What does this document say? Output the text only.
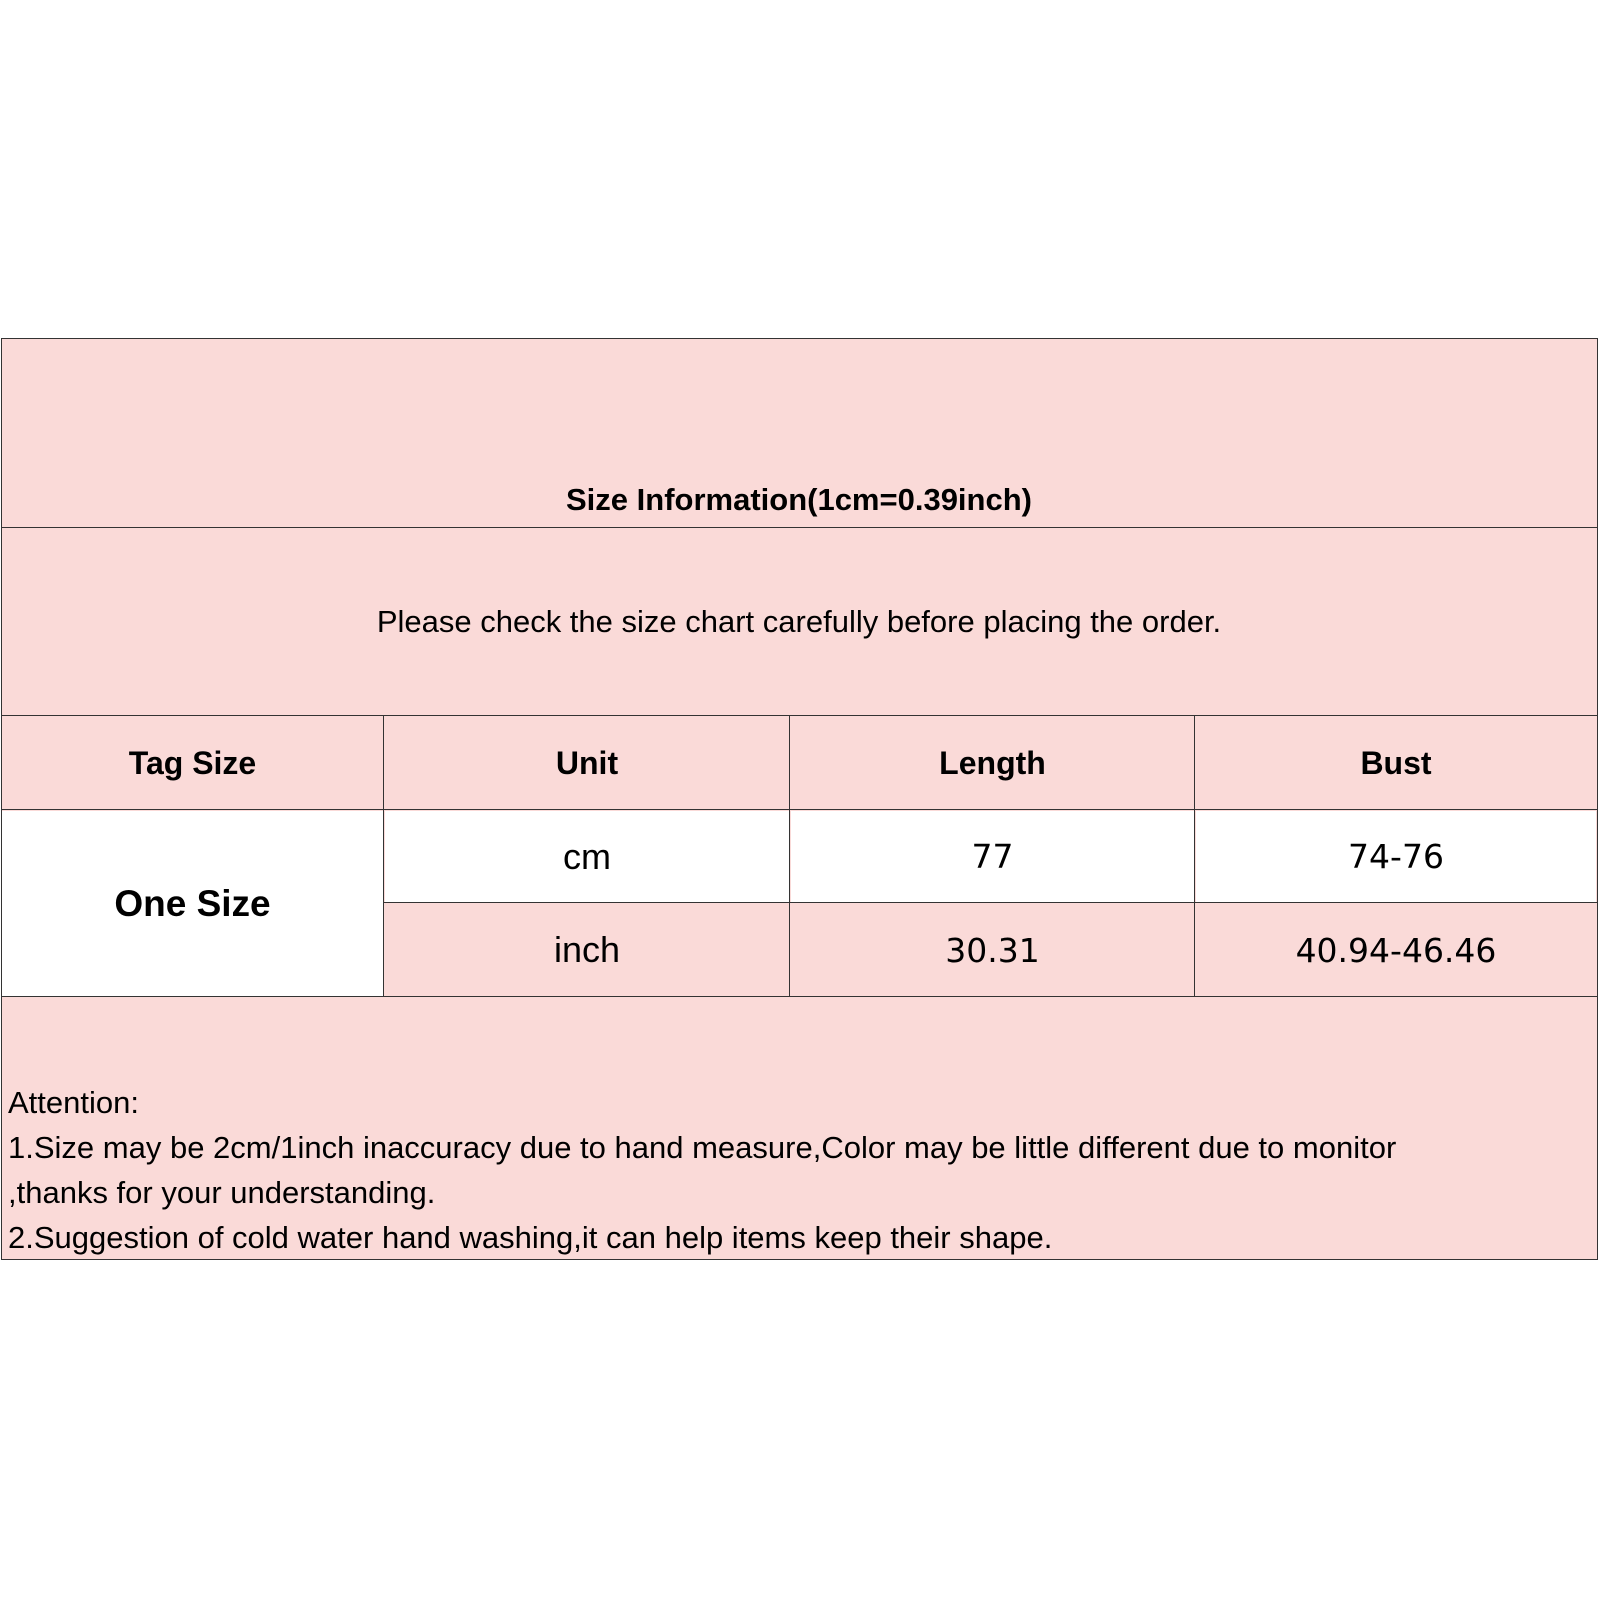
Size Information(1cm=0.39inch)
Please check the size chart carefully before placing the order.
Tag Size	Unit	Length	Bust
One Size
cm	77	74-76
inch	30.31	40.94-46.46
Attention:
1.Size may be 2cm/1inch inaccuracy due to hand measure,Color may be little different due to monitor
,thanks for your understanding.
2.Suggestion of cold water hand washing,it can help items keep their shape.
